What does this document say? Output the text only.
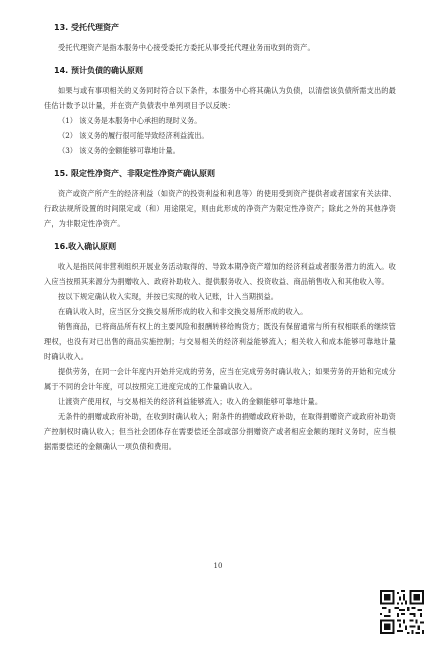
13. 受托代理资产

受托代理资产是指本服务中心接受委托方委托从事受托代理业务而收到的资产。

14. 预计负债的确认原则

如果与或有事项相关的义务同时符合以下条件，本服务中心将其确认为负债，以清偿该负债所需支出的最佳估计数予以计量，并在资产负债表中单列项目予以反映：

（1） 该义务是本服务中心承担的现时义务。
（2） 该义务的履行很可能导致经济利益流出。
（3） 该义务的金额能够可靠地计量。
15. 限定性净资产、非限定性净资产确认原则

资产或资产所产生的经济利益（如资产的投资利益和利息等）的使用受到资产提供者或者国家有关法律、行政法规所设置的时间限定或（和）用途限定，则由此形成的净资产为限定性净资产；除此之外的其他净资产，为非限定性净资产。

16.收入确认原则

收入是指民间非营利组织开展业务活动取得的、导致本期净资产增加的经济利益或者服务潜力的流入。收入应当按照其来源分为捐赠收入、政府补助收入、提供服务收入、投资收益、商品销售收入和其他收入等。

按以下规定确认收入实现，并按已实现的收入记账，计入当期损益。

在确认收入时，应当区分交换交易所形成的收入和非交换交易所形成的收入。

销售商品，已将商品所有权上的主要风险和报酬转移给购货方；既没有保留通常与所有权相联系的继续管理权，也没有对已出售的商品实施控制；与交易相关的经济利益能够流入；相关收入和成本能够可靠地计量时确认收入。

提供劳务，在同一会计年度内开始并完成的劳务，应当在完成劳务时确认收入；如果劳务的开始和完成分属于不同的会计年度，可以按照完工进度完成的工作量确认收入。

让渡资产使用权，与交易相关的经济利益能够流入；收入的金额能够可靠地计量。

无条件的捐赠或政府补助，在收到时确认收入；附条件的捐赠或政府补助，在取得捐赠资产或政府补助资产控制权时确认收入；但当社会团体存在需要偿还全部或部分捐赠资产或者相应金额的现时义务时，应当根据需要偿还的金额确认一项负债和费用。

10
